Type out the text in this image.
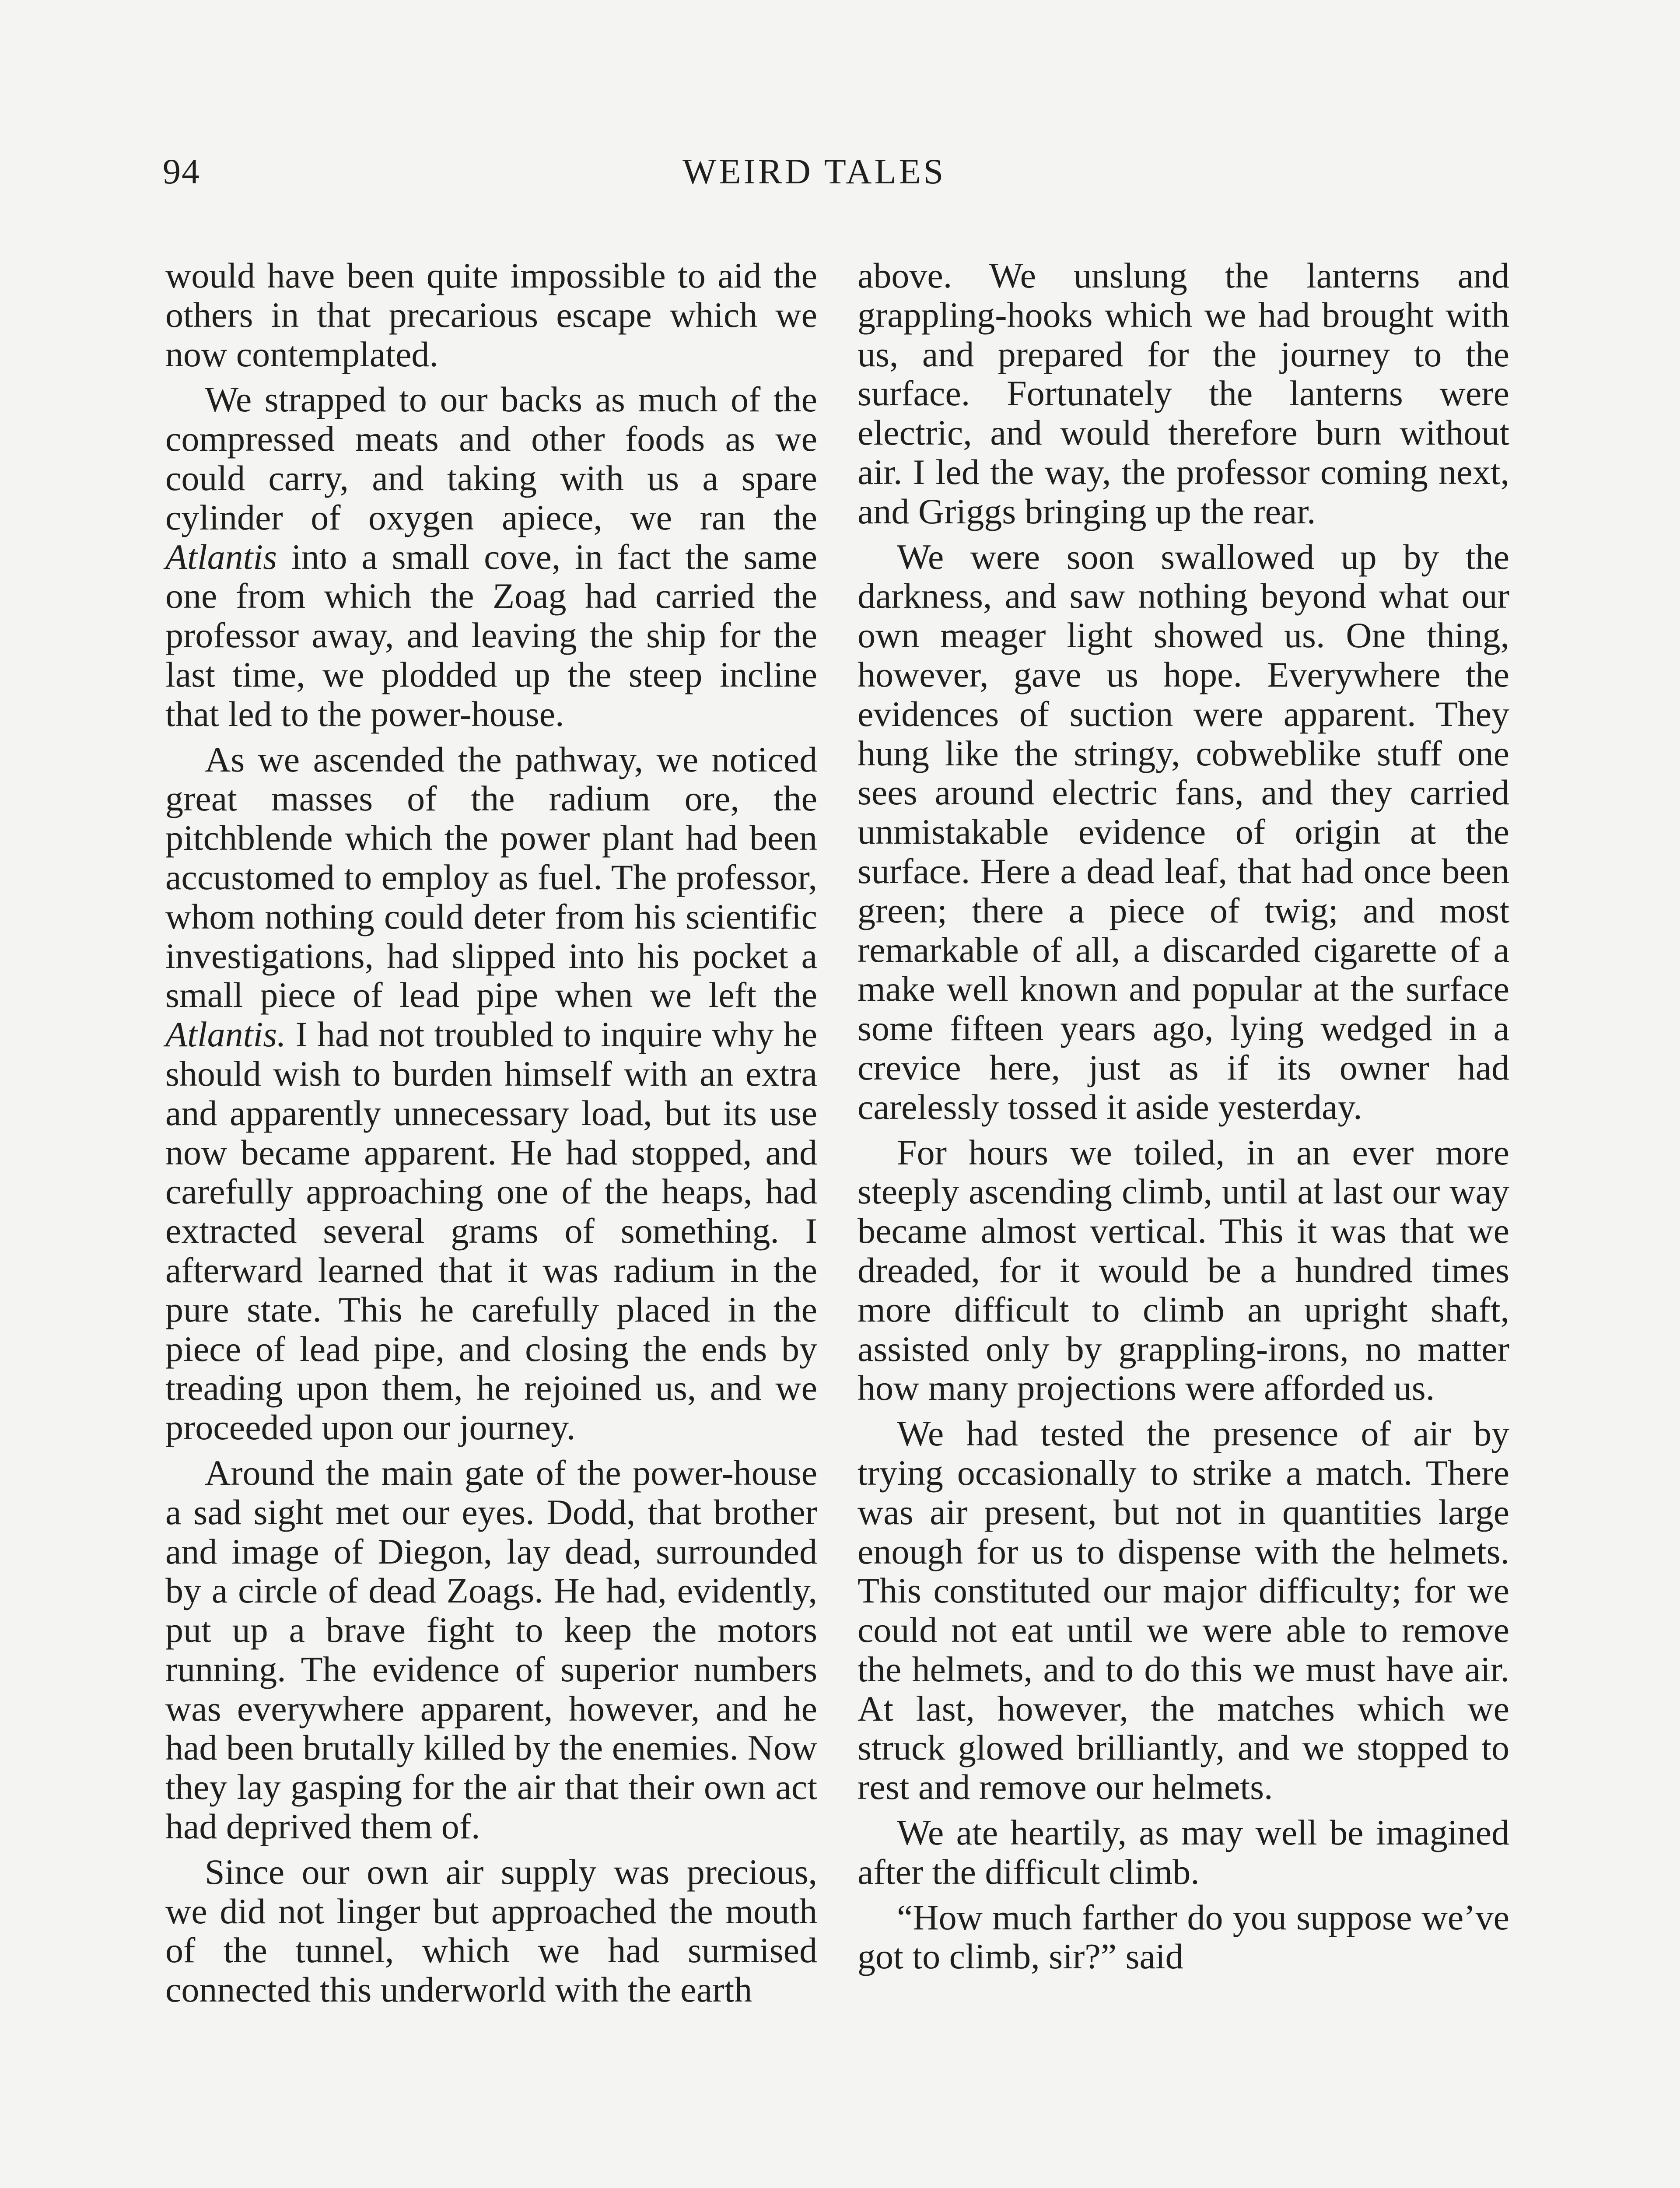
94	WEIRD TALES

would have been quite impossible to aid the others in that precarious escape which we now contemplated.

We strapped to our backs as much of the compressed meats and other foods as we could carry, and taking with us a spare cylinder of oxygen apiece, we ran the Atlantis into a small cove, in fact the same one from which the Zoag had carried the professor away, and leaving the ship for the last time, we plodded up the steep incline that led to the power-house.

As we ascended the pathway, we noticed great masses of the radium ore, the pitchblende which the power plant had been accustomed to employ as fuel. The professor, whom nothing could deter from his scientific investigations, had slipped into his pocket a small piece of lead pipe when we left the Atlantis. I had not troubled to inquire why he should wish to burden himself with an extra and apparently unnecessary load, but its use now became apparent. He had stopped, and carefully approaching one of the heaps, had extracted several grams of something. I afterward learned that it was radium in the pure state. This he carefully placed in the piece of lead pipe, and closing the ends by treading upon them, he rejoined us, and we proceeded upon our journey.

Around the main gate of the power-house a sad sight met our eyes. Dodd, that brother and image of Diegon, lay dead, surrounded by a circle of dead Zoags. He had, evidently, put up a brave fight to keep the motors running. The evidence of superior numbers was everywhere apparent, however, and he had been brutally killed by the enemies. Now they lay gasping for the air that their own act had deprived them of.

Since our own air supply was precious, we did not linger but approached the mouth of the tunnel, which we had surmised connected this underworld with the earth

above. We unslung the lanterns and grappling-hooks which we had brought with us, and prepared for the journey to the surface. Fortunately the lanterns were electric, and would therefore burn without air. I led the way, the professor coming next, and Griggs bringing up the rear.

We were soon swallowed up by the darkness, and saw nothing beyond what our own meager light showed us. One thing, however, gave us hope. Everywhere the evidences of suction were apparent. They hung like the stringy, cobweblike stuff one sees around electric fans, and they carried unmistakable evidence of origin at the surface. Here a dead leaf, that had once been green; there a piece of twig; and most remarkable of all, a discarded cigarette of a make well known and popular at the surface some fifteen years ago, lying wedged in a crevice here, just as if its owner had carelessly tossed it aside yesterday.

For hours we toiled, in an ever more steeply ascending climb, until at last our way became almost vertical. This it was that we dreaded, for it would be a hundred times more difficult to climb an upright shaft, assisted only by grappling-irons, no matter how many projections were afforded us.

We had tested the presence of air by trying occasionally to strike a match. There was air present, but not in quantities large enough for us to dispense with the helmets. This constituted our major difficulty; for we could not eat until we were able to remove the helmets, and to do this we must have air. At last, however, the matches which we struck glowed brilliantly, and we stopped to rest and remove our helmets.

We ate heartily, as may well be imagined after the difficult climb.

“How much farther do you suppose we’ve got to climb, sir?” said
